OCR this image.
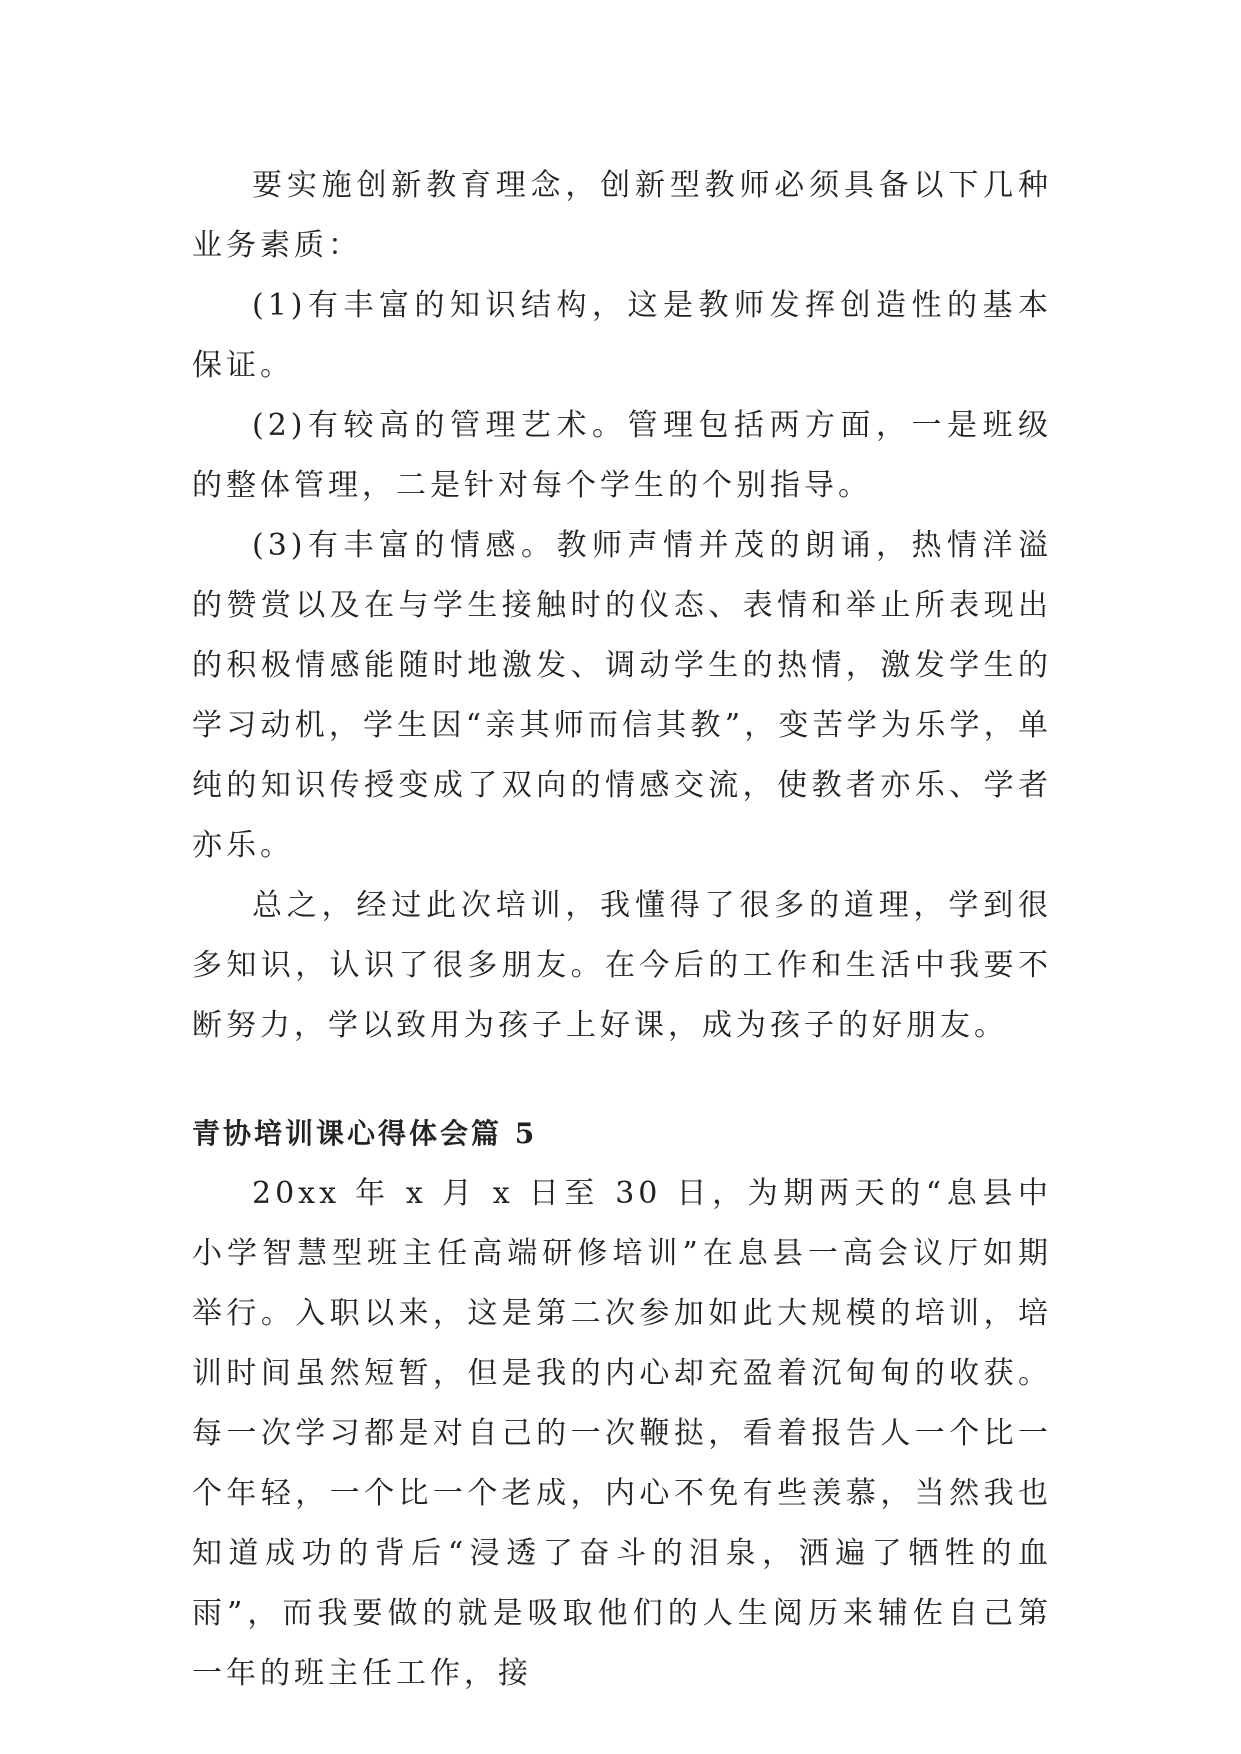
要实施创新教育理念，创新型教师必须具备以下几种业务素质：

(1)有丰富的知识结构，这是教师发挥创造性的基本保证。

(2)有较高的管理艺术。管理包括两方面，一是班级的整体管理，二是针对每个学生的个别指导。

(3)有丰富的情感。教师声情并茂的朗诵，热情洋溢的赞赏以及在与学生接触时的仪态、表情和举止所表现出的积极情感能随时地激发、调动学生的热情，激发学生的学习动机，学生因“亲其师而信其教”，变苦学为乐学，单纯的知识传授变成了双向的情感交流，使教者亦乐、学者亦乐。

总之，经过此次培训，我懂得了很多的道理，学到很多知识，认识了很多朋友。在今后的工作和生活中我要不断努力，学以致用为孩子上好课，成为孩子的好朋友。

青协培训课心得体会篇 5

20xx 年 x 月 x 日至 30 日，为期两天的“息县中小学智慧型班主任高端研修培训”在息县一高会议厅如期举行。入职以来，这是第二次参加如此大规模的培训，培训时间虽然短暂，但是我的内心却充盈着沉甸甸的收获。每一次学习都是对自己的一次鞭挞，看着报告人一个比一个年轻，一个比一个老成，内心不免有些羡慕，当然我也知道成功的背后“浸透了奋斗的泪泉，洒遍了牺牲的血雨”，而我要做的就是吸取他们的人生阅历来辅佐自己第一年的班主任工作，接
